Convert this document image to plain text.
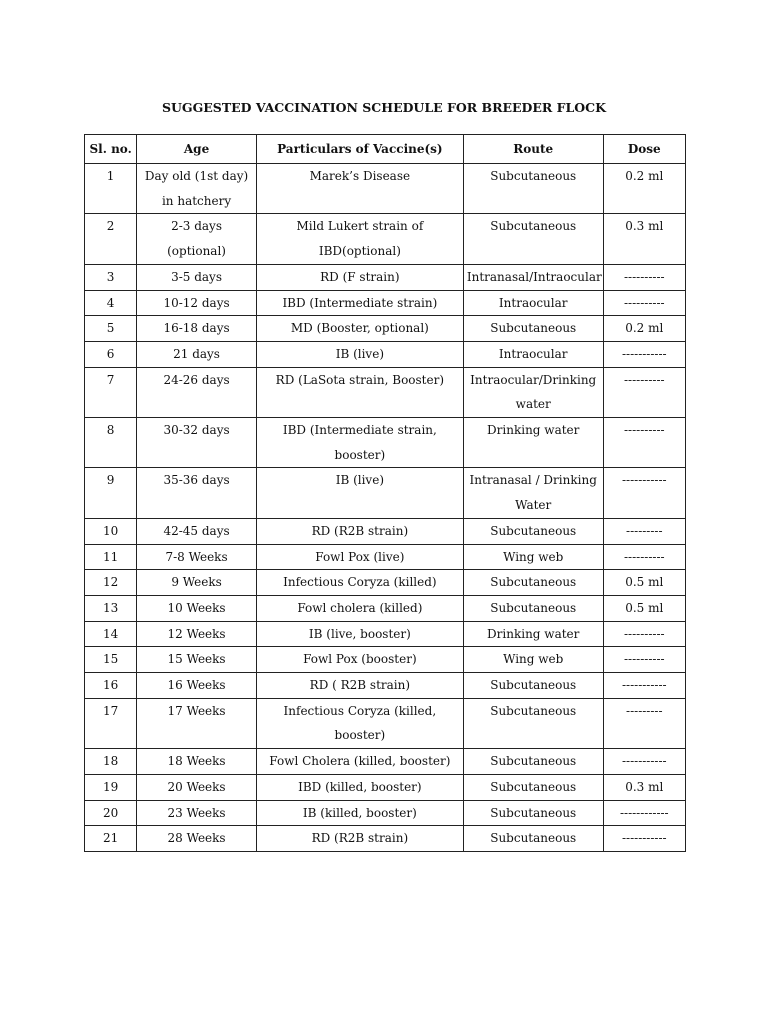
SUGGESTED VACCINATION SCHEDULE FOR BREEDER FLOCK
Sl. no.	Age	Particulars of Vaccine(s)	Route	Dose
1	Day old (1st day) in hatchery	Marek’s Disease	Subcutaneous	0.2 ml
2	2-3 days (optional)	Mild Lukert strain of IBD(optional)	Subcutaneous	0.3 ml
3	3-5 days	RD (F strain)	Intranasal/Intraocular	----------
4	10-12 days	IBD (Intermediate strain)	Intraocular	----------
5	16-18 days	MD (Booster, optional)	Subcutaneous	0.2 ml
6	21 days	IB (live)	Intraocular	-----------
7	24-26 days	RD (LaSota strain, Booster)	Intraocular/Drinking water	----------
8	30-32 days	IBD (Intermediate strain, booster)	Drinking water	----------
9	35-36 days	IB (live)	Intranasal / Drinking Water	-----------
10	42-45 days	RD (R2B strain)	Subcutaneous	---------
11	7-8 Weeks	Fowl Pox (live)	Wing web	----------
12	9 Weeks	Infectious Coryza (killed)	Subcutaneous	0.5 ml
13	10 Weeks	Fowl cholera (killed)	Subcutaneous	0.5 ml
14	12 Weeks	IB (live, booster)	Drinking water	----------
15	15 Weeks	Fowl Pox (booster)	Wing web	----------
16	16 Weeks	RD ( R2B strain)	Subcutaneous	-----------
17	17 Weeks	Infectious Coryza (killed, booster)	Subcutaneous	---------
18	18 Weeks	Fowl Cholera (killed, booster)	Subcutaneous	-----------
19	20 Weeks	IBD (killed, booster)	Subcutaneous	0.3 ml
20	23 Weeks	IB (killed, booster)	Subcutaneous	------------
21	28 Weeks	RD (R2B strain)	Subcutaneous	-----------
